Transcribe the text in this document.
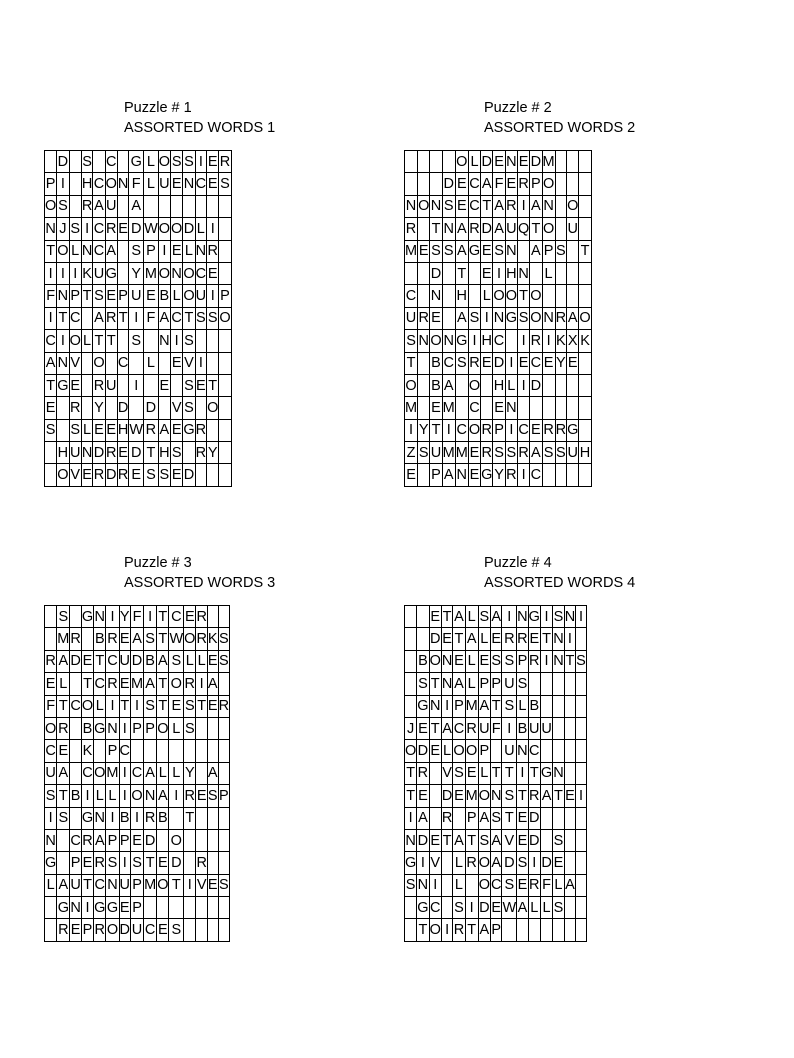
Puzzle # 1
ASSORTED WORDS 1
	D		S		C		G	L	O	S	S	I	E	R
P	I		H	C	O	N	F	L	U	E	N	C	E	S
O	S		R	A	U		A							
N	J	S	I	C	R	E	D	W	O	O	D	L	I	
T	O	L	N	C	A		S	P	I	E	L	N	R	
I	I	I	K	U	G		Y	M	O	N	O	C	E	
F	N	P	T	S	E	P	U	E	B	L	O	U	I	P
I	T	C		A	R	T	I	F	A	C	T	S	S	O
C	I	O	L	T	T		S		N	I	S			
A	N	V		O		C		L		E	V	I		
T	G	E		R	U		I		E		S	E	T	
E		R		Y		D		D		V	S		O	
S		S	L	E	E	H	W	R	A	E	G	R		
	H	U	N	D	R	E	D	T	H	S		R	Y	
	O	V	E	R	D	R	E	S	S	E	D			
Puzzle # 2
ASSORTED WORDS 2
				O	L	D	E	N	E	D	M			
			D	E	C	A	F	E	R	P	O			
N	O	N	S	E	C	T	A	R	I	A	N		O	
R		T	N	A	R	D	A	U	Q	T	O		U	
M	E	S	S	A	G	E	S	N		A	P	S		T
		D		T		E	I	H	N		L			
C		N		H		L	O	O	T	O				
U	R	E		A	S	I	N	G	S	O	N	R	A	O
S	N	O	N	G	I	H	C		I	R	I	K	X	K
T		B	C	S	R	E	D	I	E	C	E	Y	E	
O		B	A		O		H	L	I	D				
M		E	M		C		E	N						
I	Y	T	I	C	O	R	P	I	C	E	R	R	G	
Z	S	U	M	M	E	R	S	S	R	A	S	S	U	H
E		P	A	N	E	G	Y	R	I	C				
Puzzle # 3
ASSORTED WORDS 3
	S		G	N	I	Y	F	I	T	C	E	R		
	M	R		B	R	E	A	S	T	W	O	R	K	S
R	A	D	E	T	C	U	D	B	A	S	L	L	E	S
E	L		T	C	R	E	M	A	T	O	R	I	A	
F	T	C	O	L	I	T	I	S	T	E	S	T	E	R
O	R		B	G	N	I	P	P	O	L	S			
C	E		K		P	C								
U	A		C	O	M	I	C	A	L	L	Y		A	
S	T	B	I	L	L	I	O	N	A	I	R	E	S	P
I	S		G	N	I	B	I	R	B		T			
N		C	R	A	P	P	E	D		O				
G		P	E	R	S	I	S	T	E	D		R		
L	A	U	T	C	N	U	P	M	O	T	I	V	E	S
	G	N	I	G	G	E	P							
	R	E	P	R	O	D	U	C	E	S				
Puzzle # 4
ASSORTED WORDS 4
		E	T	A	L	S	A	I	N	G	I	S	N	I
		D	E	T	A	L	E	R	R	E	T	N	I	
	B	O	N	E	L	E	S	S	P	R	I	N	T	S
	S	T	N	A	L	P	P	U	S					
	G	N	I	P	M	A	T	S	L	B				
J	E	T	A	C	R	U	F	I	B	U	U			
O	D	E	L	O	O	P		U	N	C				
T	R		V	S	E	L	T	T	I	T	G	N		
T	E		D	E	M	O	N	S	T	R	A	T	E	I
I	A		R		P	A	S	T	E	D				
N	D	E	T	A	T	S	A	V	E	D		S		
G	I	V		L	R	O	A	D	S	I	D	E		
S	N	I		L		O	C	S	E	R	F	L	A	
	G	C		S	I	D	E	W	A	L	L	S		
	T	O	I	R	T	A	P							
